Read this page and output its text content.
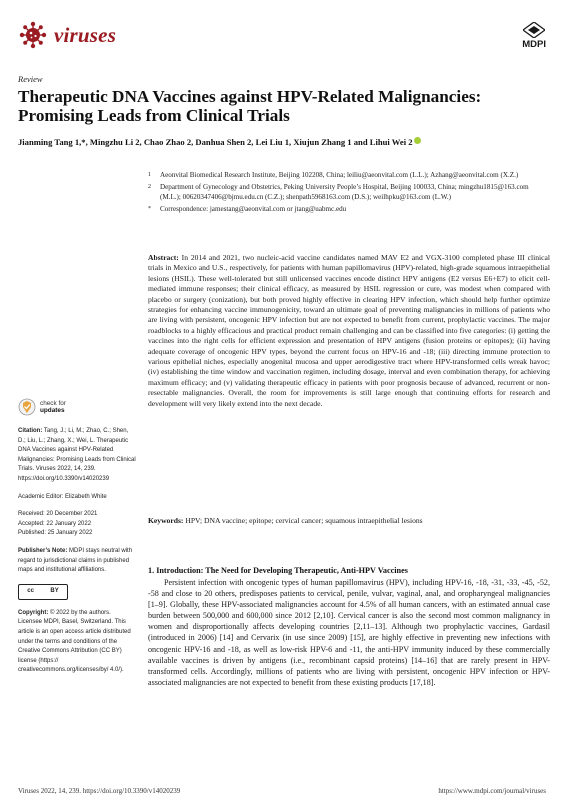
viruses	MDPI
Review
Therapeutic DNA Vaccines against HPV-Related Malignancies: Promising Leads from Clinical Trials
Jianming Tang 1,*, Mingzhu Li 2, Chao Zhao 2, Danhua Shen 2, Lei Liu 1, Xiujun Zhang 1 and Lihui Wei 2
1	Aeonvital Biomedical Research Institute, Beijing 102208, China; leiliu@aeonvital.com (L.L.); Azhang@aeonvital.com (X.Z.)
2	Department of Gynecology and Obstetrics, Peking University People’s Hospital, Beijing 100033, China; mingzhu1815@163.com (M.L.); 00620347406@bjmu.edu.cn (C.Z.); shenpath5968163.com (D.S.); weilhpku@163.com (L.W.)
*	Correspondence: jamestang@aeonvital.com or jtang@uabmc.edu
Abstract: In 2014 and 2021, two nucleic-acid vaccine candidates named MAV E2 and VGX-3100 completed phase III clinical trials in Mexico and U.S., respectively, for patients with human papillomavirus (HPV)-related, high-grade squamous intraepithelial lesions (HSIL). These well-tolerated but still unlicensed vaccines encode distinct HPV antigens (E2 versus E6+E7) to elicit cell-mediated immune responses; their clinical efficacy, as measured by HSIL regression or cure, was modest when compared with placebo or surgery (conization), but both proved highly effective in clearing HPV infection, which should help further optimize strategies for enhancing vaccine immunogenicity, toward an ultimate goal of preventing malignancies in millions of patients who are living with persistent, oncogenic HPV infection but are not expected to benefit from current, prophylactic vaccines. The major roadblocks to a highly efficacious and practical product remain challenging and can be classified into five categories: (i) getting the vaccines into the right cells for efficient expression and presentation of HPV antigens (fusion proteins or epitopes); (ii) having adequate coverage of oncogenic HPV types, beyond the current focus on HPV-16 and -18; (iii) directing immune protection to various epithelial niches, especially anogenital mucosa and upper aerodigestive tract where HPV-transformed cells wreak havoc; (iv) establishing the time window and vaccination regimen, including dosage, interval and even combination therapy, for achieving maximum efficacy; and (v) validating therapeutic efficacy in patients with poor prognosis because of advanced, recurrent or non-resectable malignancies. Overall, the room for improvements is still large enough that continuing efforts for research and development will very likely extend into the next decade.
Keywords: HPV; DNA vaccine; epitope; cervical cancer; squamous intraepithelial lesions
1. Introduction: The Need for Developing Therapeutic, Anti-HPV Vaccines
Persistent infection with oncogenic types of human papillomavirus (HPV), including HPV-16, -18, -31, -33, -45, -52, -58 and close to 20 others, predisposes patients to cervical, penile, vulvar, vaginal, anal, and oropharyngeal malignancies [1–9]. Globally, these HPV-associated malignancies account for 4.5% of all human cancers, with an estimated annual case burden between 500,000 and 600,000 since 2012 [2,10]. Cervical cancer is also the second most common malignancy in women and disproportionally affects developing countries [2,11–13]. Although two prophylactic vaccines, Gardasil (introduced in 2006) [14] and Cervarix (in use since 2009) [15], are highly effective in preventing new infections with oncogenic HPV-16 and -18, as well as low-risk HPV-6 and -11, the anti-HPV immunity induced by these commercially available vaccines is driven by antigens (i.e., recombinant capsid proteins) [14–16] that are rarely present in HPV-transformed cells. Accordingly, millions of patients who are living with persistent, oncogenic HPV infection or HPV-associated malignancies are not expected to benefit from these existing products [17,18].
check for
updates
Citation: Tang, J.; Li, M.; Zhao, C.; Shen, D.; Liu, L.; Zhang, X.; Wei, L. Therapeutic DNA Vaccines against HPV-Related Malignancies: Promising Leads from Clinical Trials. Viruses 2022, 14, 239. https://doi.org/10.3390/v14020239
Academic Editor: Elizabeth White
Received: 20 December 2021
Accepted: 22 January 2022
Published: 25 January 2022
Publisher’s Note: MDPI stays neutral with regard to jurisdictional claims in published maps and institutional affiliations.
cc	BY
Copyright: © 2022 by the authors. Licensee MDPI, Basel, Switzerland. This article is an open access article distributed under the terms and conditions of the Creative Commons Attribution (CC BY) license (https:// creativecommons.org/licenses/by/ 4.0/).
Viruses 2022, 14, 239. https://doi.org/10.3390/v14020239	https://www.mdpi.com/journal/viruses
